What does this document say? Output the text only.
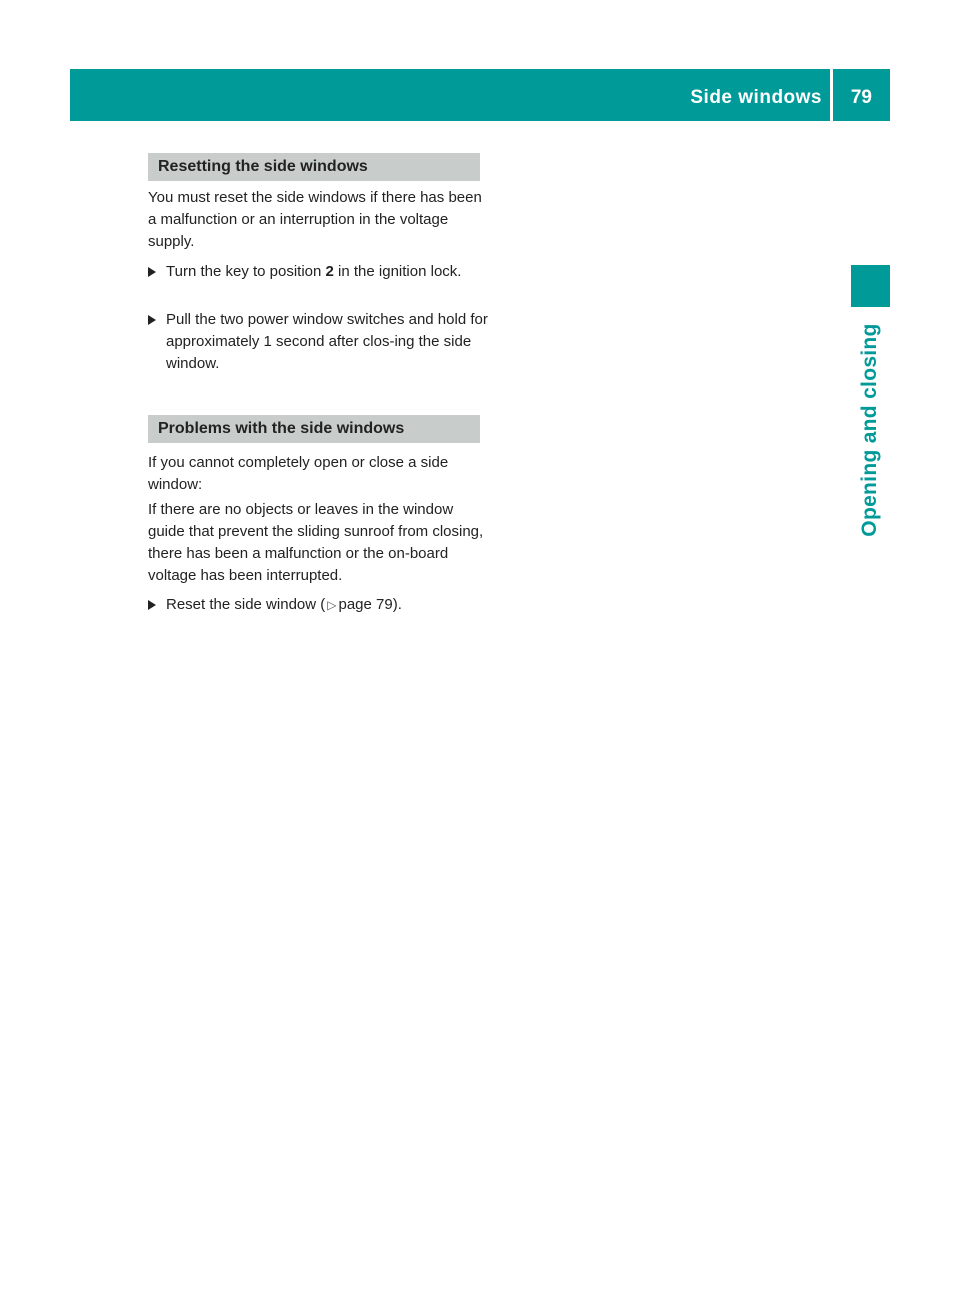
Side windows 79
Opening and closing
Resetting the side windows

You must reset the side windows if there has been a malfunction or an interruption in the voltage supply.

Turn the key to position 2 in the ignition lock.
Pull the two power window switches and hold for approximately 1 second after clos-ing the side window.
Problems with the side windows

If you cannot completely open or close a side window:

If there are no objects or leaves in the window guide that prevent the sliding sunroof from closing, there has been a malfunction or the on-board voltage has been interrupted.

Reset the side window ( ▷ page 79).
